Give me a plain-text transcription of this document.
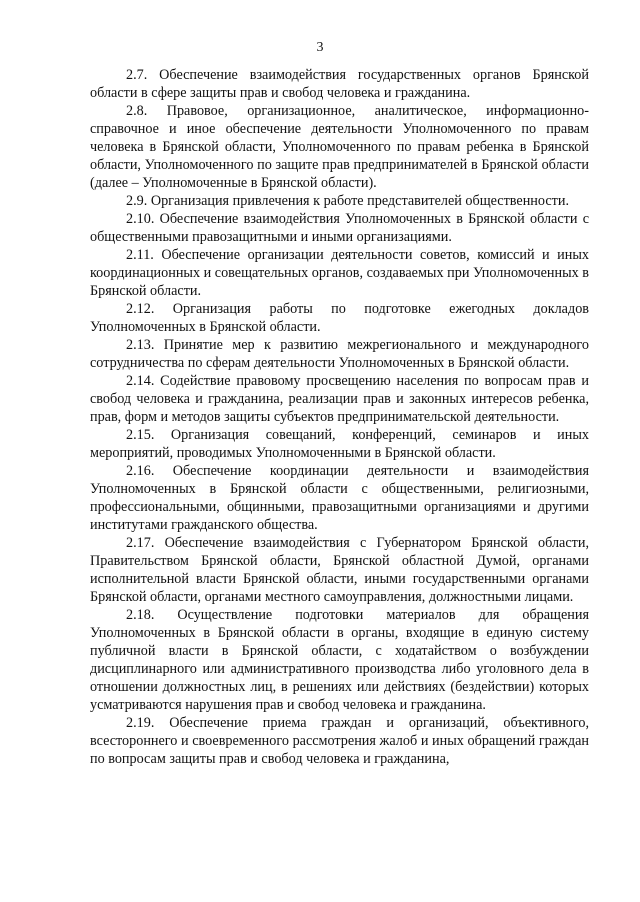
3

2.7. Обеспечение взаимодействия государственных органов Брянской области в сфере защиты прав и свобод человека и гражданина.

2.8. Правовое, организационное, аналитическое, информационно-справочное и иное обеспечение деятельности Уполномоченного по правам человека в Брянской области, Уполномоченного по правам ребенка в Брянской области, Уполномоченного по защите прав предпринимателей в Брянской области (далее – Уполномоченные в Брянской области).

2.9. Организация привлечения к работе представителей общественности.

2.10. Обеспечение взаимодействия Уполномоченных в Брянской области с общественными правозащитными и иными организациями.

2.11. Обеспечение организации деятельности советов, комиссий и иных координационных и совещательных органов, создаваемых при Уполномоченных в Брянской области.

2.12. Организация работы по подготовке ежегодных докладов Уполномоченных в Брянской области.

2.13. Принятие мер к развитию межрегионального и международного сотрудничества по сферам деятельности Уполномоченных в Брянской области.

2.14. Содействие правовому просвещению населения по вопросам прав и свобод человека и гражданина, реализации прав и законных интересов ребенка, прав, форм и методов защиты субъектов предпринимательской деятельности.

2.15. Организация совещаний, конференций, семинаров и иных мероприятий, проводимых Уполномоченными в Брянской области.

2.16. Обеспечение координации деятельности и взаимодействия Уполномоченных в Брянской области с общественными, религиозными, профессиональными, общинными, правозащитными организациями и другими институтами гражданского общества.

2.17. Обеспечение взаимодействия с Губернатором Брянской области, Правительством Брянской области, Брянской областной Думой, органами исполнительной власти Брянской области, иными государственными органами Брянской области, органами местного самоуправления, должностными лицами.

2.18. Осуществление подготовки материалов для обращения Уполномоченных в Брянской области в органы, входящие в единую систему публичной власти в Брянской области, с ходатайством о возбуждении дисциплинарного или административного производства либо уголовного дела в отношении должностных лиц, в решениях или действиях (бездействии) которых усматриваются нарушения прав и свобод человека и гражданина.

2.19. Обеспечение приема граждан и организаций, объективного, всестороннего и своевременного рассмотрения жалоб и иных обращений граждан по вопросам защиты прав и свобод человека и гражданина,
